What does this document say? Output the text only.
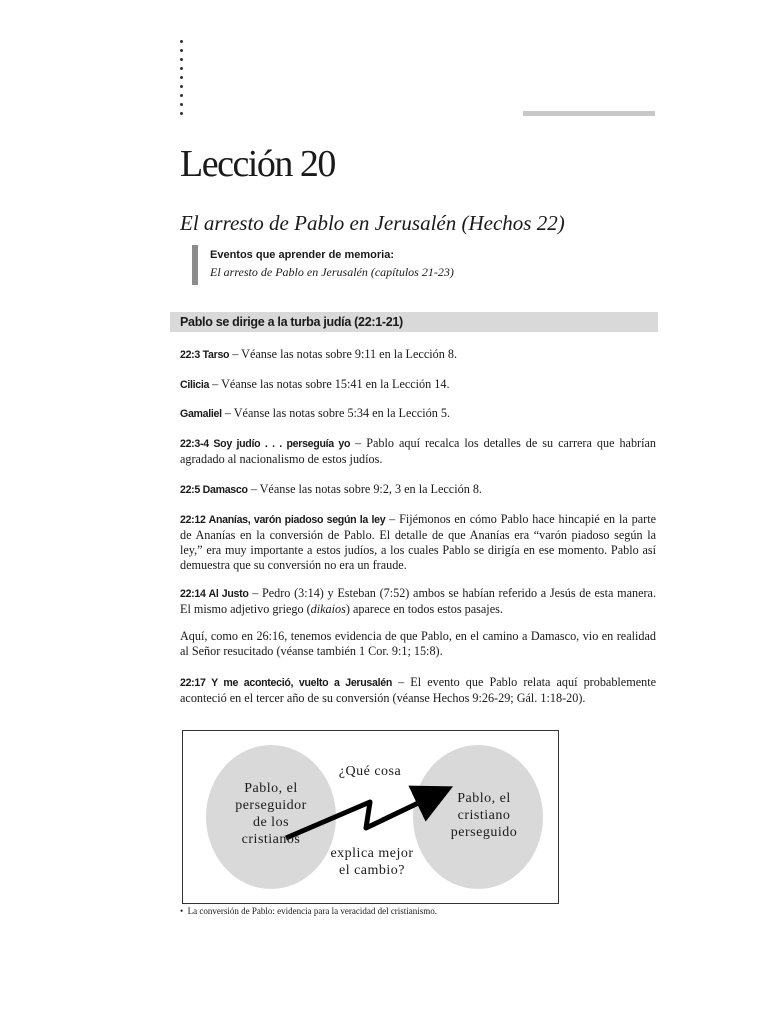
Lección 20
El arresto de Pablo en Jerusalén (Hechos 22)
Eventos que aprender de memoria:
El arresto de Pablo en Jerusalén (capítulos 21-23)
Pablo se dirige a la turba judía (22:1-21)

22:3 Tarso – Véanse las notas sobre 9:11 en la Lección 8.

Cilicia – Véanse las notas sobre 15:41 en la Lección 14.

Gamaliel – Véanse las notas sobre 5:34 en la Lección 5.

22:3-4 Soy judío . . . perseguía yo – Pablo aquí recalca los detalles de su carrera que habrían agradado al nacionalismo de estos judíos.

22:5 Damasco – Véanse las notas sobre 9:2, 3 en la Lección 8.

22:12 Ananías, varón piadoso según la ley – Fijémonos en cómo Pablo hace hincapié en la parte de Ananías en la conversión de Pablo. El detalle de que Ananías era “varón piadoso según la ley,” era muy importante a estos judíos, a los cuales Pablo se dirigía en ese momento. Pablo así demuestra que su conversión no era un fraude.

22:14 Al Justo – Pedro (3:14) y Esteban (7:52) ambos se habían referido a Jesús de esta manera. El mismo adjetivo griego (dikaios) aparece en todos estos pasajes.

Aquí, como en 26:16, tenemos evidencia de que Pablo, en el camino a Damasco, vio en realidad al Señor resucitado (véanse también 1 Cor. 9:1; 15:8).

22:17 Y me aconteció, vuelto a Jerusalén – El evento que Pablo relata aquí probablemente aconteció en el tercer año de su conversión (véanse Hechos 9:26-29; Gál. 1:18-20).

Pablo, el
perseguidor
de los
cristianos
¿Qué cosa
explica mejor
el cambio?
Pablo, el
cristiano
perseguido
• La conversión de Pablo: evidencia para la veracidad del cristianismo.
